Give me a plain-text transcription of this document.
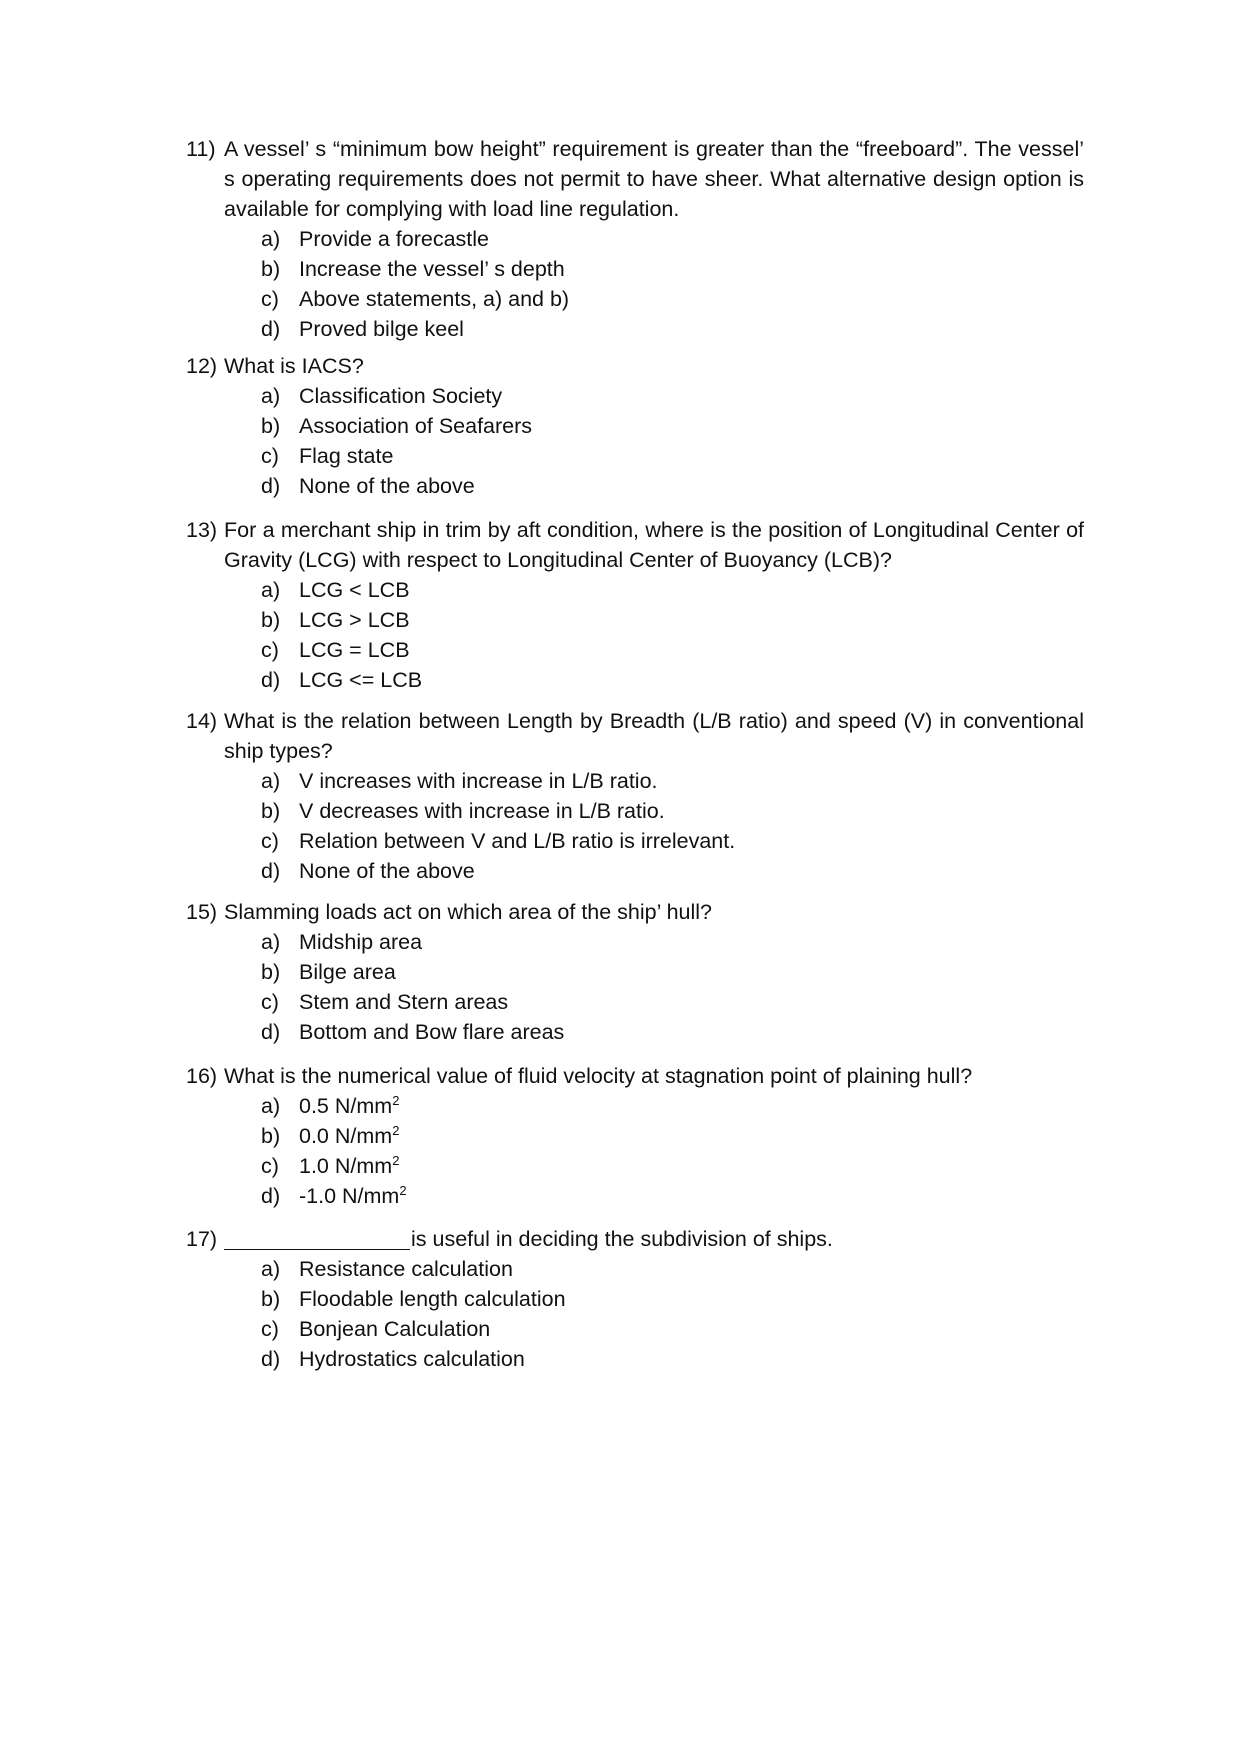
11) A vessel’ s “minimum bow height” requirement is greater than the “freeboard”. The vessel’ s operating requirements does not permit to have sheer. What alternative design option is available for complying with load line regulation.
a) Provide a forecastle
b) Increase the vessel’ s depth
c) Above statements, a) and b)
d) Proved bilge keel
12) What is IACS?
a) Classification Society
b) Association of Seafarers
c) Flag state
d) None of the above
13) For a merchant ship in trim by aft condition, where is the position of Longitudinal Center of Gravity (LCG) with respect to Longitudinal Center of Buoyancy (LCB)?
a) LCG < LCB
b) LCG > LCB
c) LCG = LCB
d) LCG <= LCB
14) What is the relation between Length by Breadth (L/B ratio) and speed (V) in conventional ship types?
a) V increases with increase in L/B ratio.
b) V decreases with increase in L/B ratio.
c) Relation between V and L/B ratio is irrelevant.
d) None of the above
15) Slamming loads act on which area of the ship’ hull?
a) Midship area
b) Bilge area
c) Stem and Stern areas
d) Bottom and Bow flare areas
16) What is the numerical value of fluid velocity at stagnation point of plaining hull?
a) 0.5 $N/mm^2$
b) 0.0 $N/mm^2$
c) 1.0 $N/mm^2$
d) -1.0 $N/mm^2$
17)	is useful in deciding the subdivision of ships.
a) Resistance calculation
b) Floodable length calculation
c) Bonjean Calculation
d) Hydrostatics calculation
